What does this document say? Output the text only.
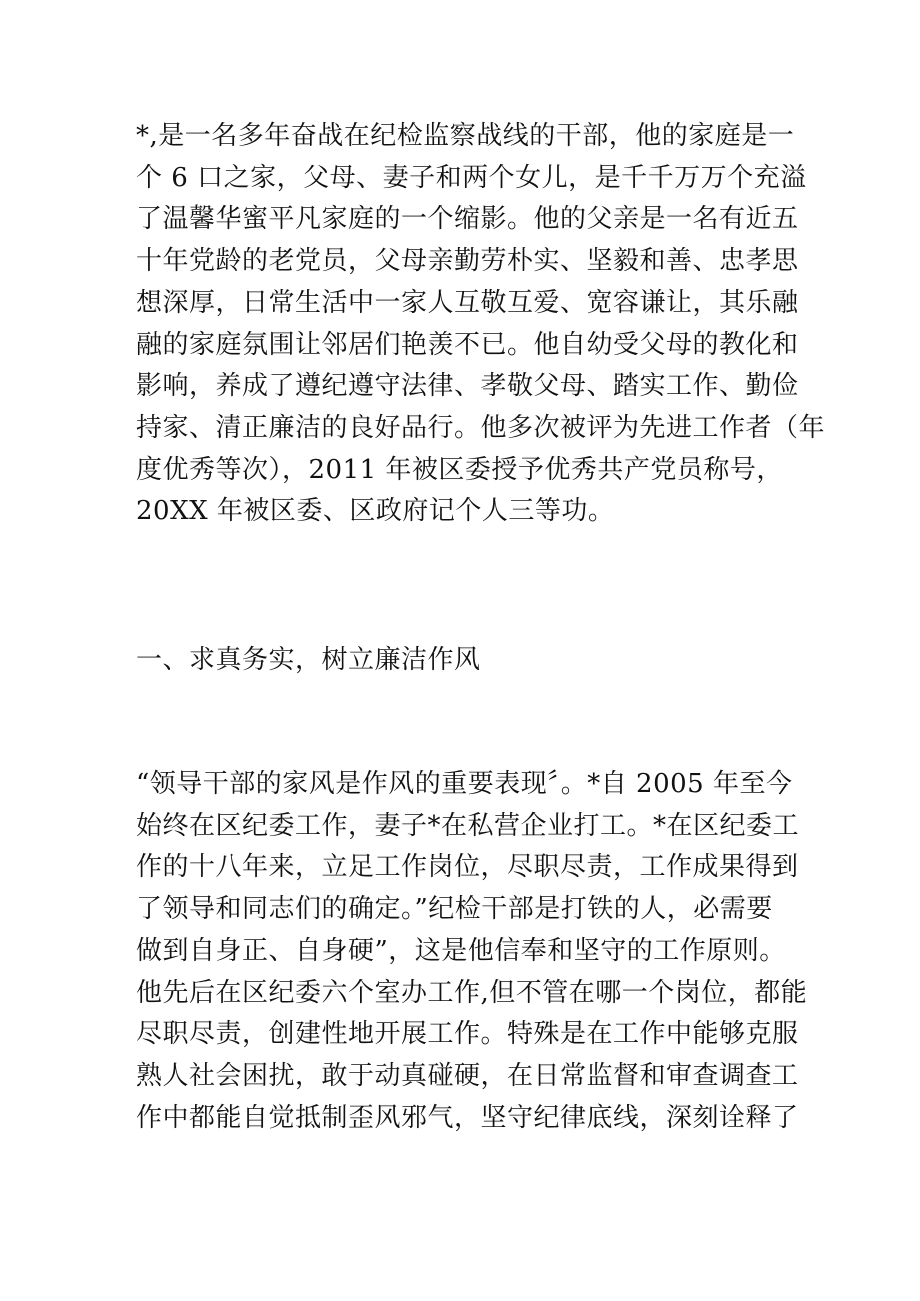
*,是一名多年奋战在纪检监察战线的干部，他的家庭是一
个 6 口之家，父母、妻子和两个女儿，是千千万万个充溢
了温馨华蜜平凡家庭的一个缩影。他的父亲是一名有近五
十年党龄的老党员，父母亲勤劳朴实、坚毅和善、忠孝思
想深厚，日常生活中一家人互敬互爱、宽容谦让，其乐融
融的家庭氛围让邻居们艳羡不已。他自幼受父母的教化和
影响，养成了遵纪遵守法律、孝敬父母、踏实工作、勤俭
持家、清正廉洁的良好品行。他多次被评为先进工作者（年
度优秀等次），2011 年被区委授予优秀共产党员称号，
20XX 年被区委、区政府记个人三等功。
一、求真务实，树立廉洁作风
“领导干部的家风是作风的重要表现〞。*自 2005 年至今
始终在区纪委工作，妻子*在私营企业打工。*在区纪委工
作的十八年来，立足工作岗位，尽职尽责，工作成果得到
了领导和同志们的确定。”纪检干部是打铁的人，必需要
做到自身正、自身硬”，这是他信奉和坚守的工作原则。
他先后在区纪委六个室办工作,但不管在哪一个岗位，都能
尽职尽责，创建性地开展工作。特殊是在工作中能够克服
熟人社会困扰，敢于动真碰硬，在日常监督和审查调查工
作中都能自觉抵制歪风邪气，坚守纪律底线，深刻诠释了
